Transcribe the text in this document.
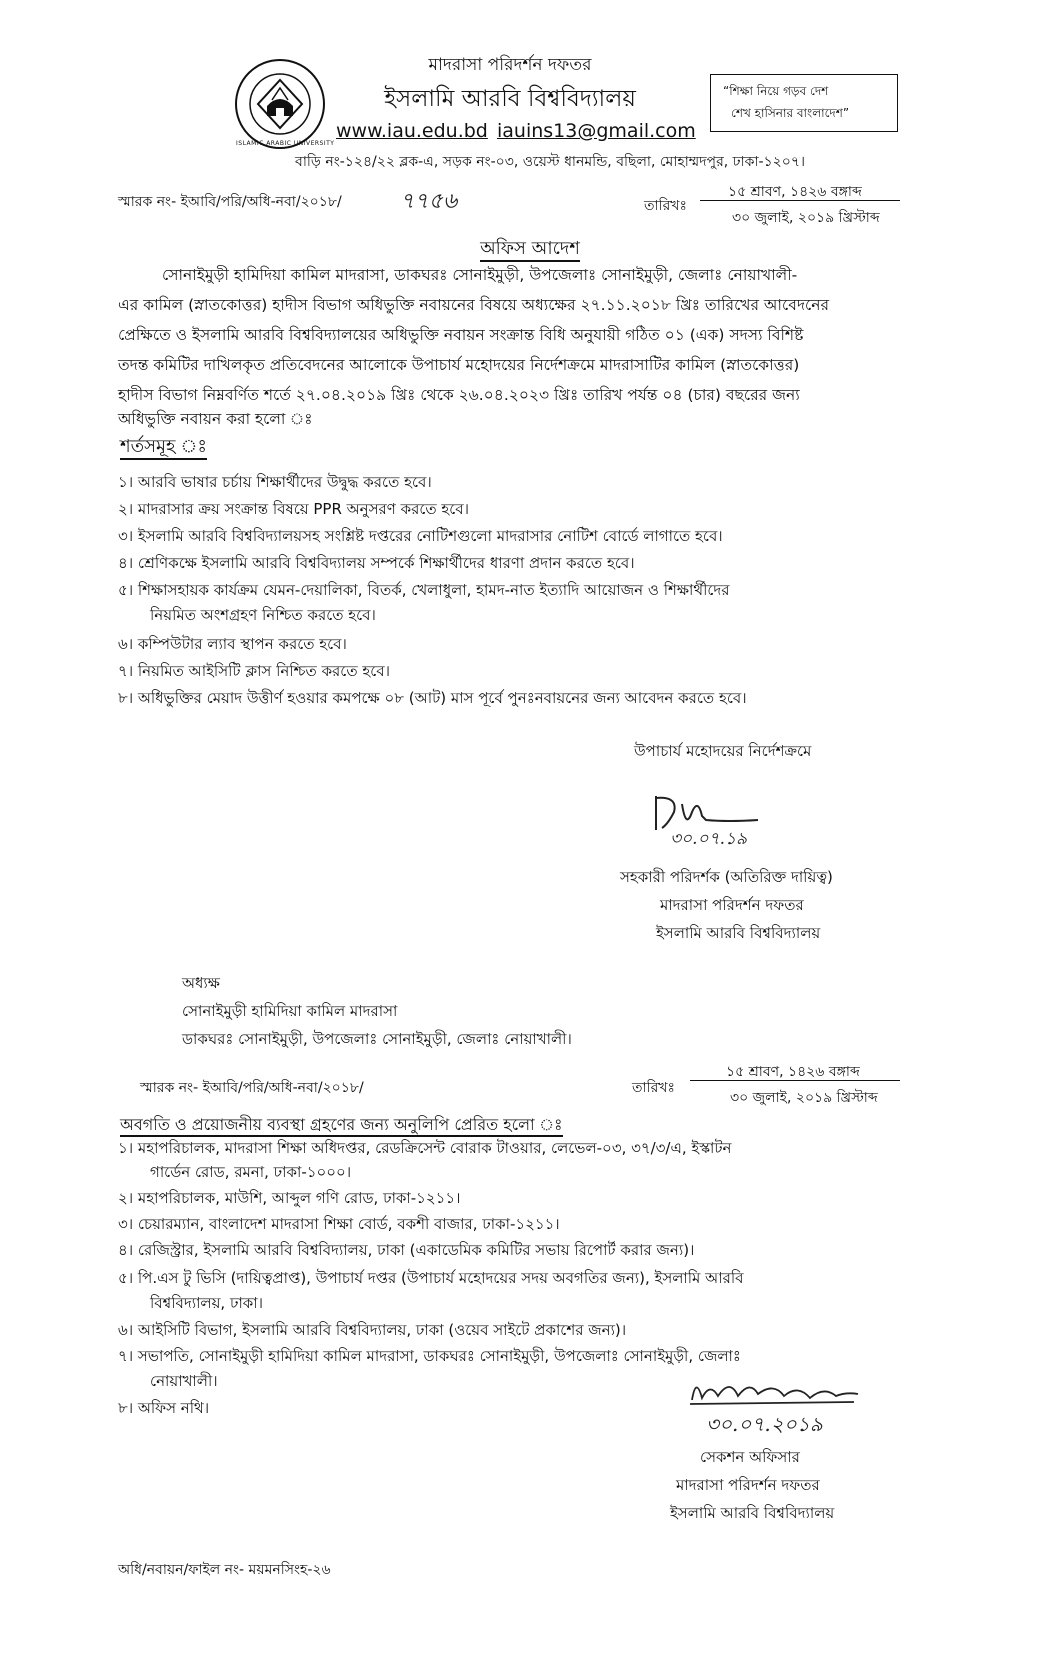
ISLAMIC ARABIC UNIVERSITY
মাদরাসা পরিদর্শন দফতর
ইসলামি আরবি বিশ্ববিদ্যালয়
www.iau.edu.bd iauins13@gmail.com
বাড়ি নং-১২৪/২২ ব্লক-এ, সড়ক নং-০৩, ওয়েস্ট ধানমন্ডি, বছিলা, মোহাম্মদপুর, ঢাকা-১২০৭।
“শিক্ষা নিয়ে গড়ব দেশ
শেখ হাসিনার বাংলাদেশ”
স্মারক নং- ইআবি/পরি/অধি-নবা/২০১৮/	৭৭৫৬	তারিখঃ
১৫ শ্রাবণ, ১৪২৬ বঙ্গাব্দ
৩০ জুলাই, ২০১৯ খ্রিস্টাব্দ
অফিস আদেশ
সোনাইমুড়ী হামিদিয়া কামিল মাদরাসা, ডাকঘরঃ সোনাইমুড়ী, উপজেলাঃ সোনাইমুড়ী, জেলাঃ নোয়াখালী-
এর কামিল (স্নাতকোত্তর) হাদীস বিভাগ অধিভুক্তি নবায়নের বিষয়ে অধ্যক্ষের ২৭.১১.২০১৮ খ্রিঃ তারিখের আবেদনের
প্রেক্ষিতে ও ইসলামি আরবি বিশ্ববিদ্যালয়ের অধিভুক্তি নবায়ন সংক্রান্ত বিধি অনুযায়ী গঠিত ০১ (এক) সদস্য বিশিষ্ট
তদন্ত কমিটির দাখিলকৃত প্রতিবেদনের আলোকে উপাচার্য মহোদয়ের নির্দেশক্রমে মাদরাসাটির কামিল (স্নাতকোত্তর)
হাদীস বিভাগ নিম্নবর্ণিত শর্তে ২৭.০৪.২০১৯ খ্রিঃ থেকে ২৬.০৪.২০২৩ খ্রিঃ তারিখ পর্যন্ত ০৪ (চার) বছরের জন্য
অধিভুক্তি নবায়ন করা হলো ঃ
শর্তসমূহ ঃ
১। আরবি ভাষার চর্চায় শিক্ষার্থীদের উদ্বুদ্ধ করতে হবে।
২। মাদরাসার ক্রয় সংক্রান্ত বিষয়ে PPR অনুসরণ করতে হবে।
৩। ইসলামি আরবি বিশ্ববিদ্যালয়সহ সংশ্লিষ্ট দপ্তরের নোটিশগুলো মাদরাসার নোটিশ বোর্ডে লাগাতে হবে।
৪। শ্রেণিকক্ষে ইসলামি আরবি বিশ্ববিদ্যালয় সম্পর্কে শিক্ষার্থীদের ধারণা প্রদান করতে হবে।
৫। শিক্ষাসহায়ক কার্যক্রম যেমন-দেয়ালিকা, বিতর্ক, খেলাধুলা, হামদ-নাত ইত্যাদি আয়োজন ও শিক্ষার্থীদের
নিয়মিত অংশগ্রহণ নিশ্চিত করতে হবে।
৬। কম্পিউটার ল্যাব স্থাপন করতে হবে।
৭। নিয়মিত আইসিটি ক্লাস নিশ্চিত করতে হবে।
৮। অধিভুক্তির মেয়াদ উত্তীর্ণ হওয়ার কমপক্ষে ০৮ (আট) মাস পূর্বে পুনঃনবায়নের জন্য আবেদন করতে হবে।
উপাচার্য মহোদয়ের নির্দেশক্রমে
৩০.০৭.১৯
সহকারী পরিদর্শক (অতিরিক্ত দায়িত্ব)
মাদরাসা পরিদর্শন দফতর
ইসলামি আরবি বিশ্ববিদ্যালয়
অধ্যক্ষ
সোনাইমুড়ী হামিদিয়া কামিল মাদরাসা
ডাকঘরঃ সোনাইমুড়ী, উপজেলাঃ সোনাইমুড়ী, জেলাঃ নোয়াখালী।
স্মারক নং- ইআবি/পরি/অধি-নবা/২০১৮/	তারিখঃ
১৫ শ্রাবণ, ১৪২৬ বঙ্গাব্দ
৩০ জুলাই, ২০১৯ খ্রিস্টাব্দ
অবগতি ও প্রয়োজনীয় ব্যবস্থা গ্রহণের জন্য অনুলিপি প্রেরিত হলো ঃ
১। মহাপরিচালক, মাদরাসা শিক্ষা অধিদপ্তর, রেডক্রিসেন্ট বোরাক টাওয়ার, লেভেল-০৩, ৩৭/৩/এ, ইস্কাটন
গার্ডেন রোড, রমনা, ঢাকা-১০০০।
২। মহাপরিচালক, মাউশি, আব্দুল গণি রোড, ঢাকা-১২১১।
৩। চেয়ারম্যান, বাংলাদেশ মাদরাসা শিক্ষা বোর্ড, বকশী বাজার, ঢাকা-১২১১।
৪। রেজিস্ট্রার, ইসলামি আরবি বিশ্ববিদ্যালয়, ঢাকা (একাডেমিক কমিটির সভায় রিপোর্ট করার জন্য)।
৫। পি.এস টু ভিসি (দায়িত্বপ্রাপ্ত), উপাচার্য দপ্তর (উপাচার্য মহোদয়ের সদয় অবগতির জন্য), ইসলামি আরবি
বিশ্ববিদ্যালয়, ঢাকা।
৬। আইসিটি বিভাগ, ইসলামি আরবি বিশ্ববিদ্যালয়, ঢাকা (ওয়েব সাইটে প্রকাশের জন্য)।
৭। সভাপতি, সোনাইমুড়ী হামিদিয়া কামিল মাদরাসা, ডাকঘরঃ সোনাইমুড়ী, উপজেলাঃ সোনাইমুড়ী, জেলাঃ
নোয়াখালী।
৮। অফিস নথি।
৩০.০৭.২০১৯
সেকশন অফিসার
মাদরাসা পরিদর্শন দফতর
ইসলামি আরবি বিশ্ববিদ্যালয়
অধি/নবায়ন/ফাইল নং- ময়মনসিংহ-২৬
